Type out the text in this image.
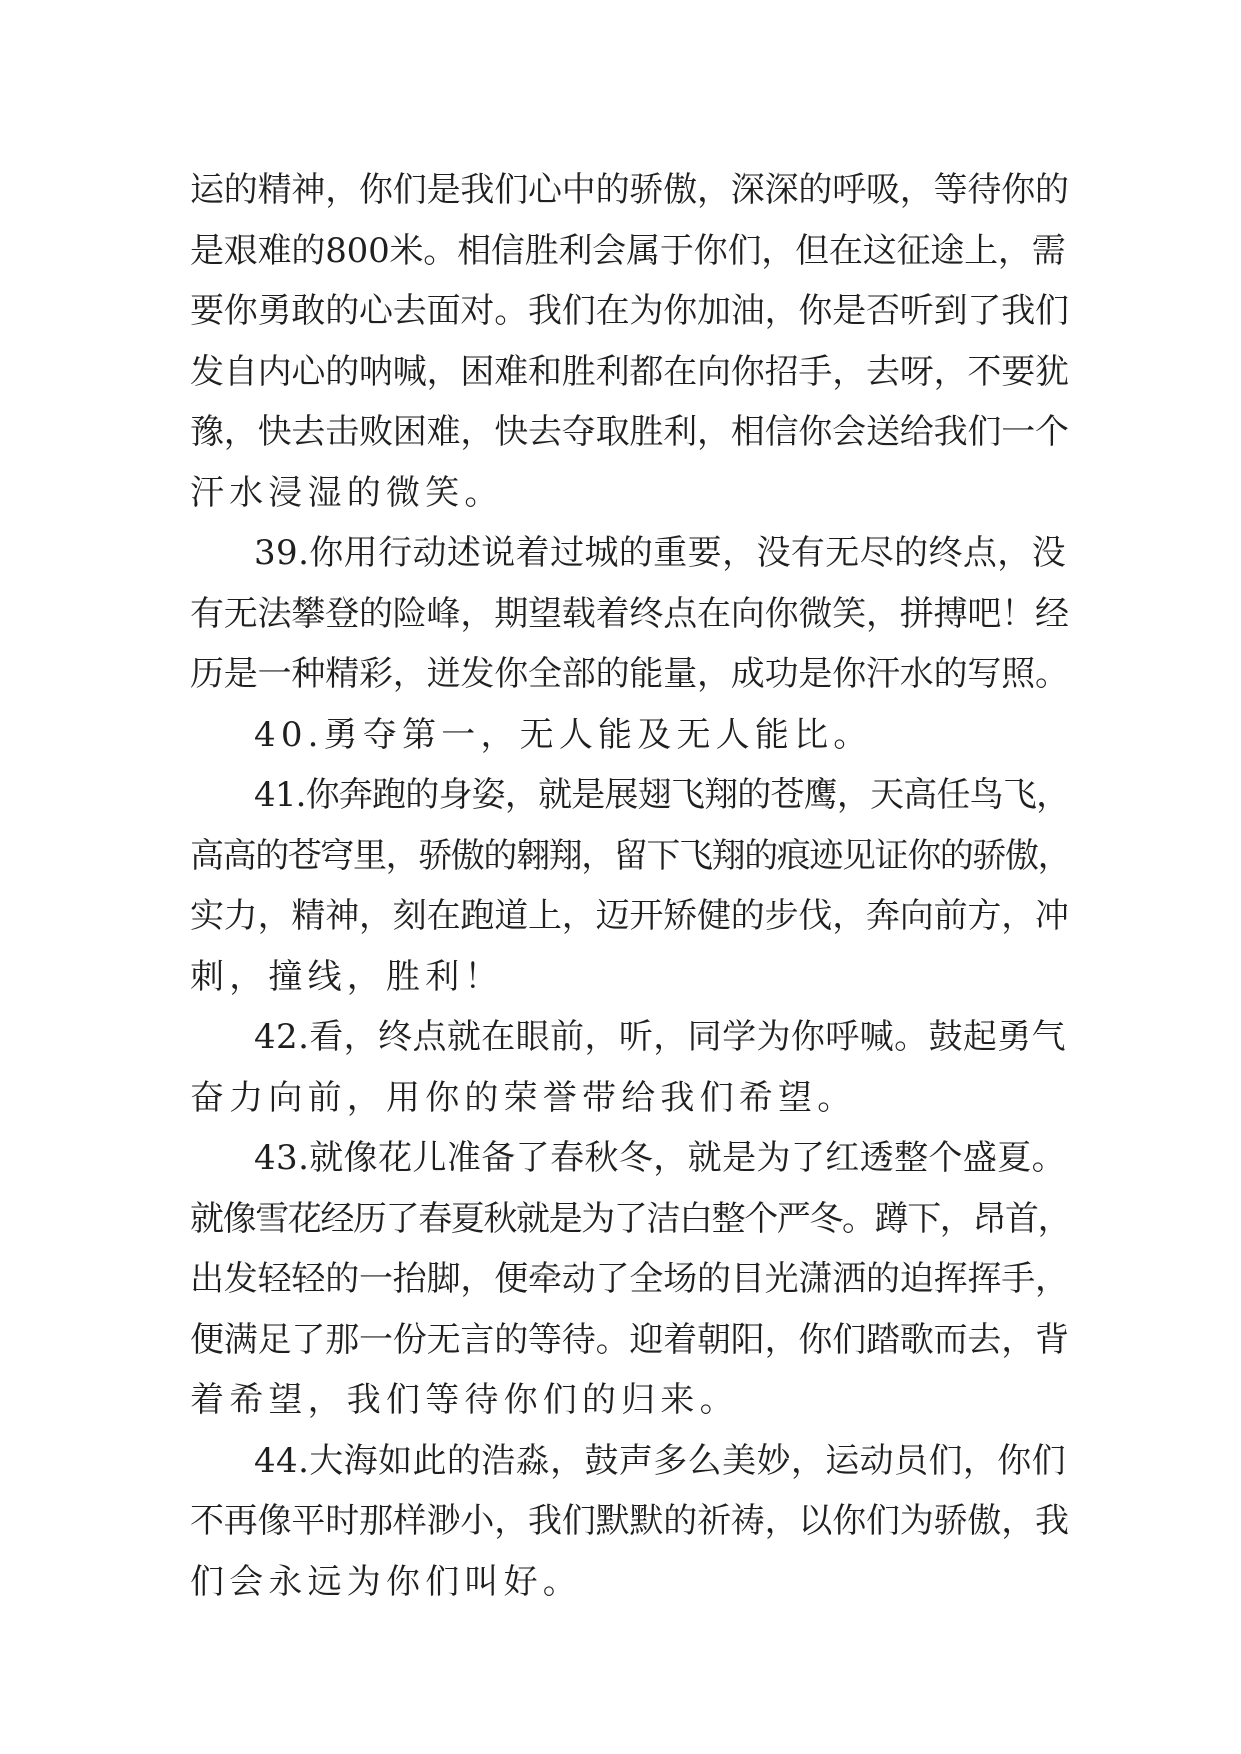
运的精神，你们是我们心中的骄傲，深深的呼吸，等待你的
是艰难的800米。相信胜利会属于你们，但在这征途上，需
要你勇敢的心去面对。我们在为你加油，你是否听到了我们
发自内心的呐喊，困难和胜利都在向你招手，去呀，不要犹
豫，快去击败困难，快去夺取胜利，相信你会送给我们一个
汗水浸湿的微笑。
39.你用行动述说着过城的重要，没有无尽的终点，没
有无法攀登的险峰，期望载着终点在向你微笑，拼搏吧！经
历是一种精彩，迸发你全部的能量，成功是你汗水的写照。
40.勇夺第一，无人能及无人能比。
41.你奔跑的身姿，就是展翅飞翔的苍鹰，天高任鸟飞，
高高的苍穹里，骄傲的翱翔，留下飞翔的痕迹见证你的骄傲，
实力，精神，刻在跑道上，迈开矫健的步伐，奔向前方，冲
刺，撞线，胜利！
42.看，终点就在眼前，听，同学为你呼喊。鼓起勇气
奋力向前，用你的荣誉带给我们希望。
43.就像花儿准备了春秋冬，就是为了红透整个盛夏。
就像雪花经历了春夏秋就是为了洁白整个严冬。蹲下，昂首，
出发轻轻的一抬脚，便牵动了全场的目光潇洒的迫挥挥手，
便满足了那一份无言的等待。迎着朝阳，你们踏歌而去，背
着希望，我们等待你们的归来。
44.大海如此的浩淼，鼓声多么美妙，运动员们，你们
不再像平时那样渺小，我们默默的祈祷，以你们为骄傲，我
们会永远为你们叫好。
